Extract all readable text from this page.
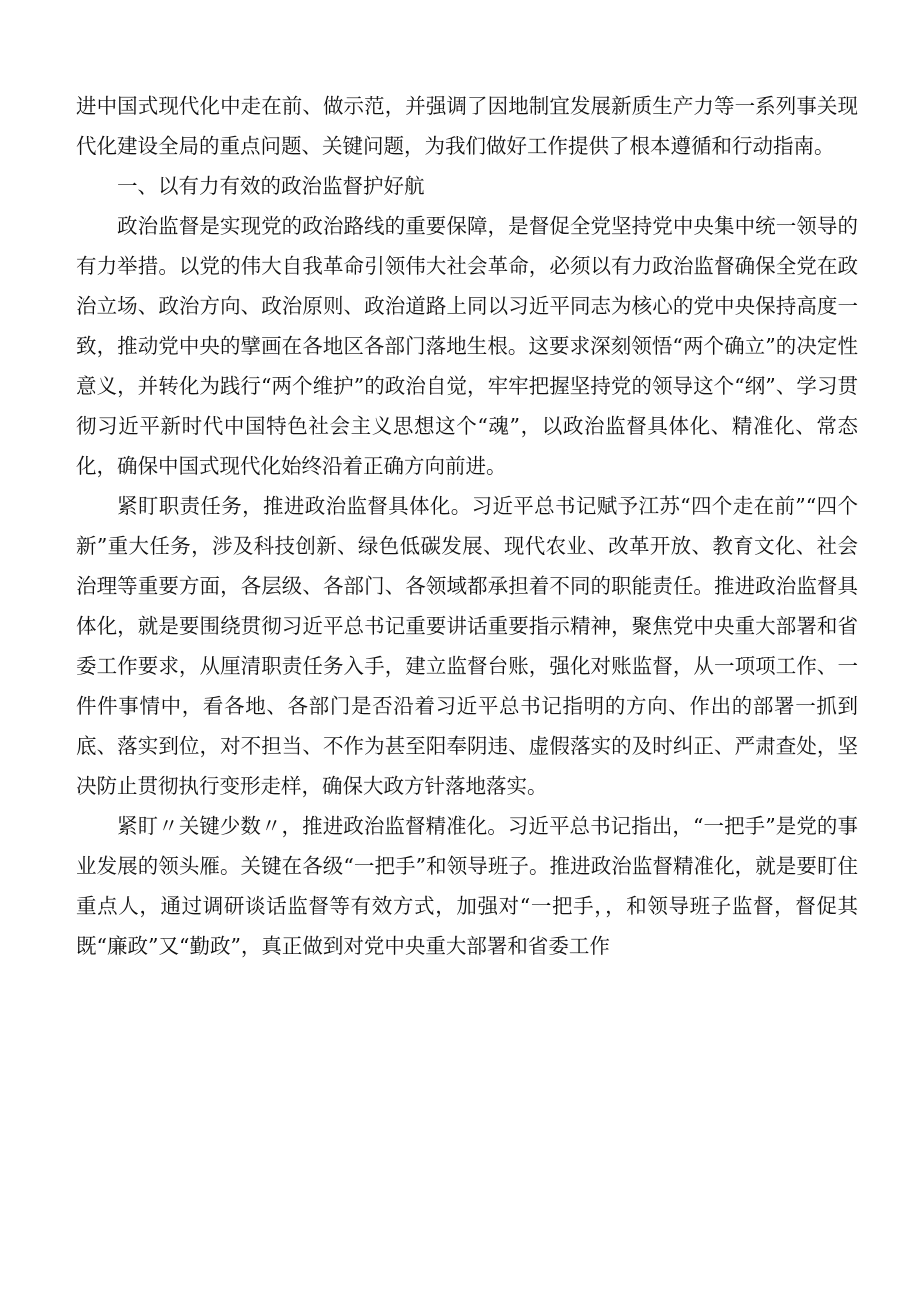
进中国式现代化中走在前、做示范，并强调了因地制宜发展新质生产力等一系列事关现代化建设全局的重点问题、关键问题，为我们做好工作提供了根本遵循和行动指南。

一、以有力有效的政治监督护好航

政治监督是实现党的政治路线的重要保障，是督促全党坚持党中央集中统一领导的有力举措。以党的伟大自我革命引领伟大社会革命，必须以有力政治监督确保全党在政治立场、政治方向、政治原则、政治道路上同以习近平同志为核心的党中央保持高度一致，推动党中央的擘画在各地区各部门落地生根。这要求深刻领悟“两个确立”的决定性意义，并转化为践行“两个维护”的政治自觉，牢牢把握坚持党的领导这个“纲”、学习贯彻习近平新时代中国特色社会主义思想这个“魂”，以政治监督具体化、精准化、常态化，确保中国式现代化始终沿着正确方向前进。

紧盯职责任务，推进政治监督具体化。习近平总书记赋予江苏“四个走在前”“四个新”重大任务，涉及科技创新、绿色低碳发展、现代农业、改革开放、教育文化、社会治理等重要方面，各层级、各部门、各领域都承担着不同的职能责任。推进政治监督具体化，就是要围绕贯彻习近平总书记重要讲话重要指示精神，聚焦党中央重大部署和省委工作要求，从厘清职责任务入手，建立监督台账，强化对账监督，从一项项工作、一件件事情中，看各地、各部门是否沿着习近平总书记指明的方向、作出的部署一抓到底、落实到位，对不担当、不作为甚至阳奉阴违、虚假落实的及时纠正、严肃查处，坚决防止贯彻执行变形走样，确保大政方针落地落实。

紧盯〃关键少数〃，推进政治监督精准化。习近平总书记指出，“一把手”是党的事业发展的领头雁。关键在各级“一把手”和领导班子。推进政治监督精准化，就是要盯住重点人，通过调研谈话监督等有效方式，加强对“一把手，，和领导班子监督，督促其既“廉政”又“勤政”，真正做到对党中央重大部署和省委工作
